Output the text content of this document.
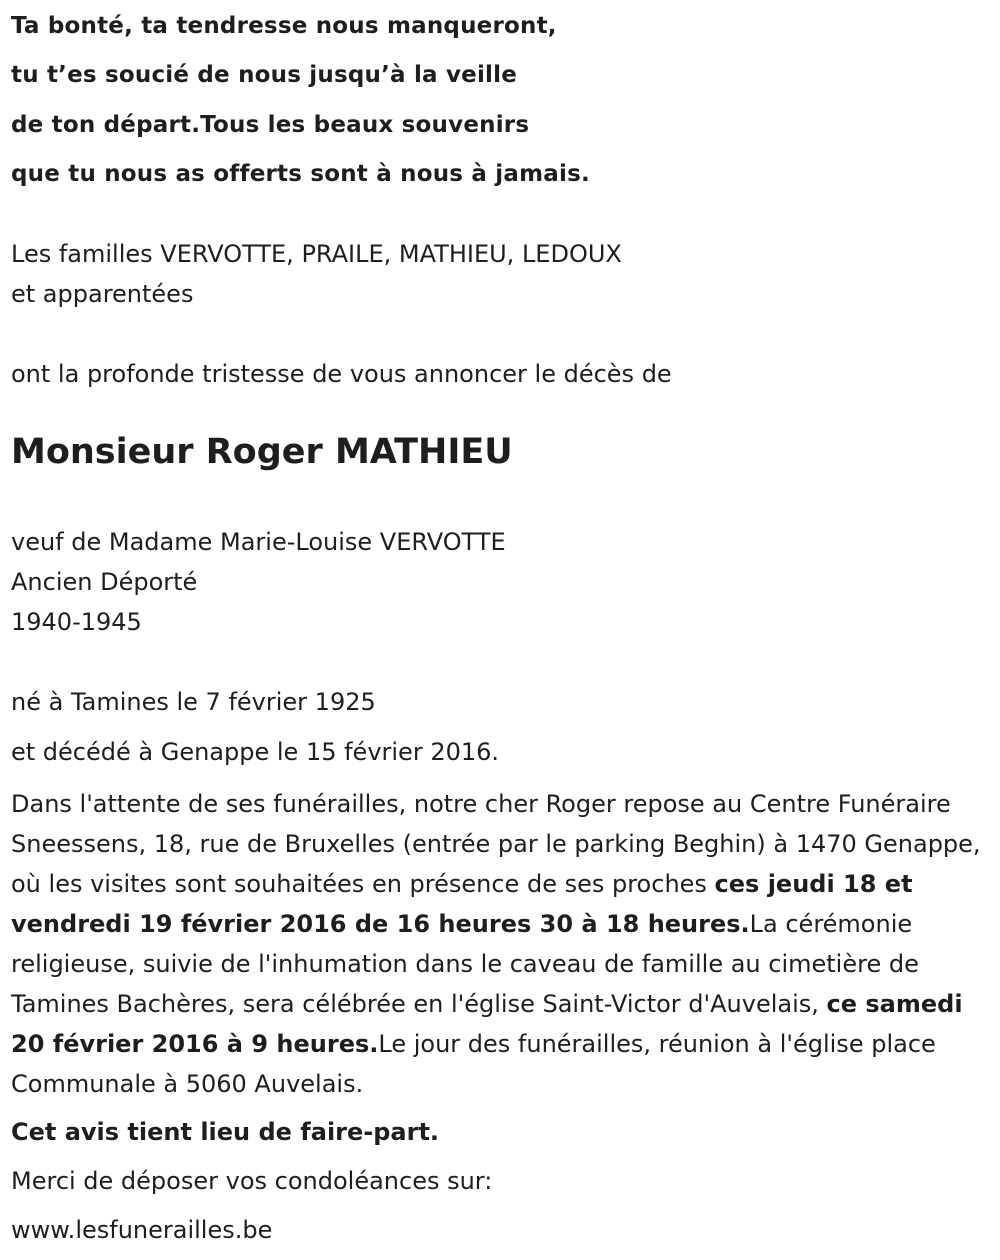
Ta bonté, ta tendresse nous manqueront,
tu t’es soucié de nous jusqu’à la veille
de ton départ.Tous les beaux souvenirs
que tu nous as offerts sont à nous à jamais.
Les familles VERVOTTE, PRAILE, MATHIEU, LEDOUX
et apparentées
ont la profonde tristesse de vous annoncer le décès de
Monsieur Roger MATHIEU
veuf de Madame Marie-Louise VERVOTTE
Ancien Déporté
1940-1945
né à Tamines le 7 février 1925
et décédé à Genappe le 15 février 2016.
Dans l'attente de ses funérailles, notre cher Roger repose au Centre Funéraire Sneessens, 18, rue de Bruxelles (entrée par le parking Beghin) à 1470 Genappe, où les visites sont souhaitées en présence de ses proches ces jeudi 18 et vendredi 19 février 2016 de 16 heures 30 à 18 heures.La cérémonie religieuse, suivie de l'inhumation dans le caveau de famille au cimetière de Tamines Bachères, sera célébrée en l'église Saint-Victor d'Auvelais, ce samedi 20 février 2016 à 9 heures.Le jour des funérailles, réunion à l'église place Communale à 5060 Auvelais.
Cet avis tient lieu de faire-part.
Merci de déposer vos condoléances sur:
www.lesfunerailles.be
